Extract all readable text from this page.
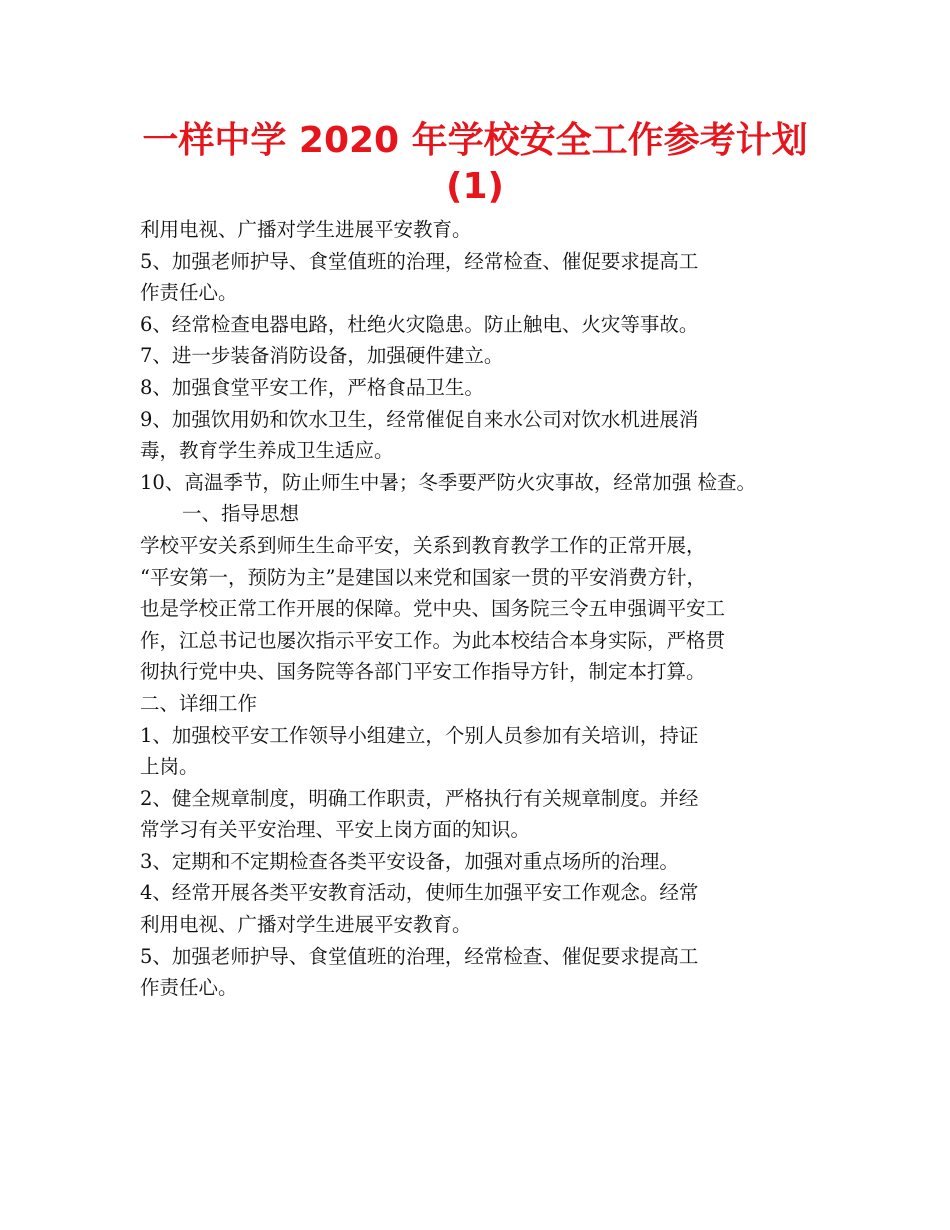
一样中学 2020 年学校安全工作参考计划
(1)
利用电视、广播对学生进展平安教育。
5、加强老师护导、食堂值班的治理，经常检查、催促要求提高工
作责任心。
6、经常检查电器电路，杜绝火灾隐患。防止触电、火灾等事故。
7、进一步装备消防设备，加强硬件建立。
8、加强食堂平安工作，严格食品卫生。
9、加强饮用奶和饮水卫生，经常催促自来水公司对饮水机进展消
毒，教育学生养成卫生适应。
10、高温季节，防止师生中暑；冬季要严防火灾事故，经常加强 检查。
一、指导思想
学校平安关系到师生生命平安，关系到教育教学工作的正常开展，
“平安第一，预防为主”是建国以来党和国家一贯的平安消费方针，
也是学校正常工作开展的保障。党中央、国务院三令五申强调平安工
作，江总书记也屡次指示平安工作。为此本校结合本身实际，严格贯
彻执行党中央、国务院等各部门平安工作指导方针，制定本打算。
二、详细工作
1、加强校平安工作领导小组建立，个别人员参加有关培训，持证
上岗。
2、健全规章制度，明确工作职责，严格执行有关规章制度。并经
常学习有关平安治理、平安上岗方面的知识。
3、定期和不定期检查各类平安设备，加强对重点场所的治理。
4、经常开展各类平安教育活动，使师生加强平安工作观念。经常
利用电视、广播对学生进展平安教育。
5、加强老师护导、食堂值班的治理，经常检查、催促要求提高工
作责任心。
